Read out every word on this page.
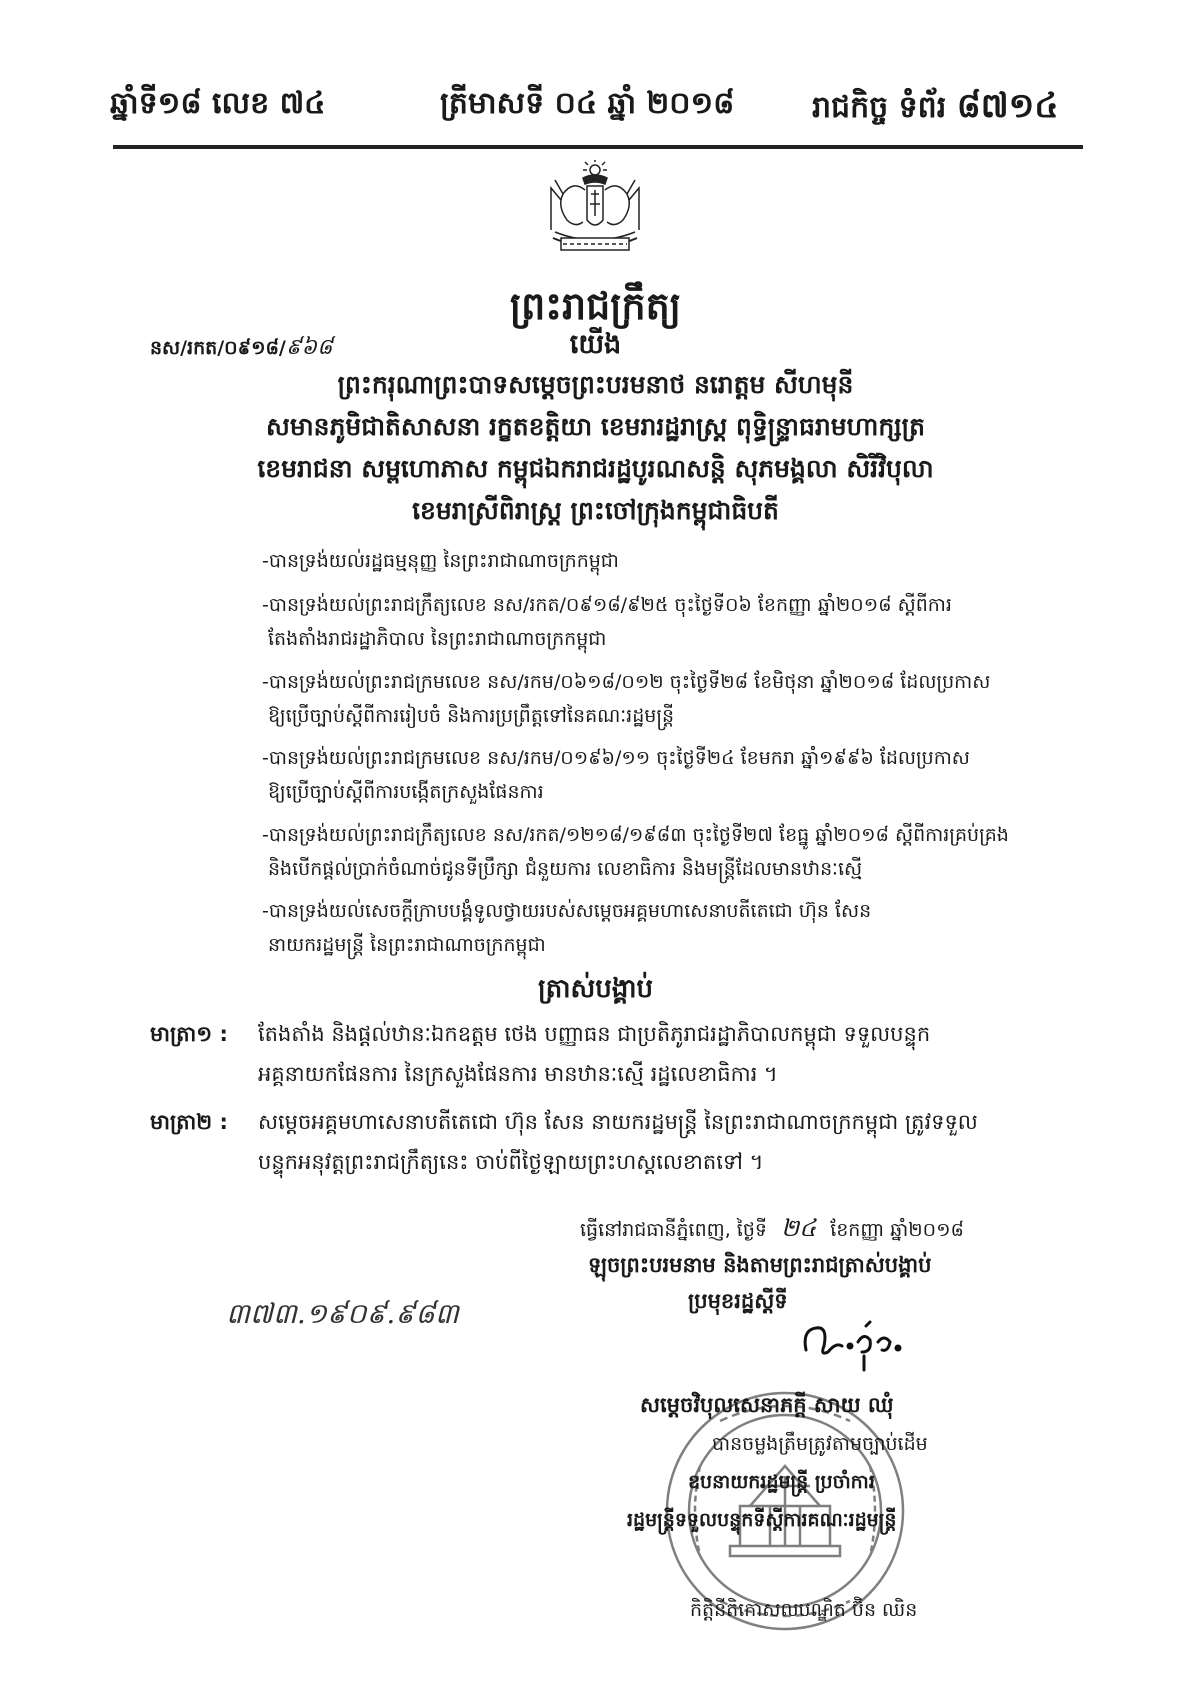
ឆ្នាំទី១៨ លេខ ៧៤	ត្រីមាសទី ០៤ ឆ្នាំ ២០១៨	រាជកិច្ច ទំព័រ ៨៧១៤
ព្រះរាជក្រឹត្យ
នស/រកត/០៩១៨/៩៦៨	យើង
ព្រះករុណាព្រះបាទសម្តេចព្រះបរមនាថ នរោត្តម សីហមុនី
សមានភូមិជាតិសាសនា រក្ខតខត្តិយា ខេមរារដ្ឋរាស្ត្រ ពុទ្ធិន្ទ្រាធរាមហាក្សត្រ
ខេមរាជនា សម្ពហោភាស កម្ពុជឯករាជរដ្ឋបូរណសន្តិ សុភមង្គលា សិរីវិបុលា
ខេមរាស្រីពិរាស្ត្រ ព្រះចៅក្រុងកម្ពុជាធិបតី
-បានទ្រង់យល់រដ្ឋធម្មនុញ្ញ នៃព្រះរាជាណាចក្រកម្ពុជា
-បានទ្រង់យល់ព្រះរាជក្រឹត្យលេខ នស/រកត/០៩១៨/៩២៥ ចុះថ្ងៃទី០៦ ខែកញ្ញា ឆ្នាំ២០១៨ ស្តីពីការ
តែងតាំងរាជរដ្ឋាភិបាល នៃព្រះរាជាណាចក្រកម្ពុជា
-បានទ្រង់យល់ព្រះរាជក្រមលេខ នស/រកម/០៦១៨/០១២ ចុះថ្ងៃទី២៨ ខែមិថុនា ឆ្នាំ២០១៨ ដែលប្រកាស
ឱ្យប្រើច្បាប់ស្តីពីការរៀបចំ និងការប្រព្រឹត្តទៅនៃគណៈរដ្ឋមន្ត្រី
-បានទ្រង់យល់ព្រះរាជក្រមលេខ នស/រកម/០១៩៦/១១ ចុះថ្ងៃទី២៤ ខែមករា ឆ្នាំ១៩៩៦ ដែលប្រកាស
ឱ្យប្រើច្បាប់ស្តីពីការបង្កើតក្រសួងផែនការ
-បានទ្រង់យល់ព្រះរាជក្រឹត្យលេខ នស/រកត/១២១៨/១៩៨៣ ចុះថ្ងៃទី២៧ ខែធ្នូ ឆ្នាំ២០១៨ ស្តីពីការគ្រប់គ្រង
និងបើកផ្តល់ប្រាក់ចំណាច់ជូនទីប្រឹក្សា ជំនួយការ លេខាធិការ និងមន្ត្រីដែលមានឋានៈស្មើ
-បានទ្រង់យល់សេចក្តីក្រាបបង្គំទូលថ្វាយរបស់សម្តេចអគ្គមហាសេនាបតីតេជោ ហ៊ុន សែន
នាយករដ្ឋមន្ត្រី នៃព្រះរាជាណាចក្រកម្ពុជា
ត្រាស់បង្គាប់
មាត្រា១ : តែងតាំង និងផ្តល់ឋានៈឯកឧត្តម ថេង បញ្ញាធន ជាប្រតិភូរាជរដ្ឋាភិបាលកម្ពុជា ទទួលបន្ទុក
អគ្គនាយកផែនការ នៃក្រសួងផែនការ មានឋានៈស្មើ រដ្ឋលេខាធិការ ។
មាត្រា២ : សម្តេចអគ្គមហាសេនាបតីតេជោ ហ៊ុន សែន នាយករដ្ឋមន្ត្រី នៃព្រះរាជាណាចក្រកម្ពុជា ត្រូវទទួល
បន្ទុកអនុវត្តព្រះរាជក្រឹត្យនេះ ចាប់ពីថ្ងៃឡាយព្រះហស្តលេខាតទៅ ។
ធ្វើនៅរាជធានីភ្នំពេញ, ថ្ងៃទី ២៤ ខែកញ្ញា ឆ្នាំ២០១៨
ឡុចព្រះបរមនាម និងតាមព្រះរាជត្រាស់បង្គាប់
ប្រមុខរដ្ឋស្តីទី
៣៧៣.១៩០៩.៩៨៣
សម្តេចវិបុលសេនាភក្តី សាយ ឈុំ
បានចម្លងត្រឹមត្រូវតាមច្បាប់ដើម
ឧបនាយករដ្ឋមន្ត្រី ប្រចាំការ
រដ្ឋមន្ត្រីទទួលបន្ទុកទីស្តីការគណៈរដ្ឋមន្ត្រី
កិត្តិនីតិកោសលបណ្ឌិត ប៊ិន ឈិន
